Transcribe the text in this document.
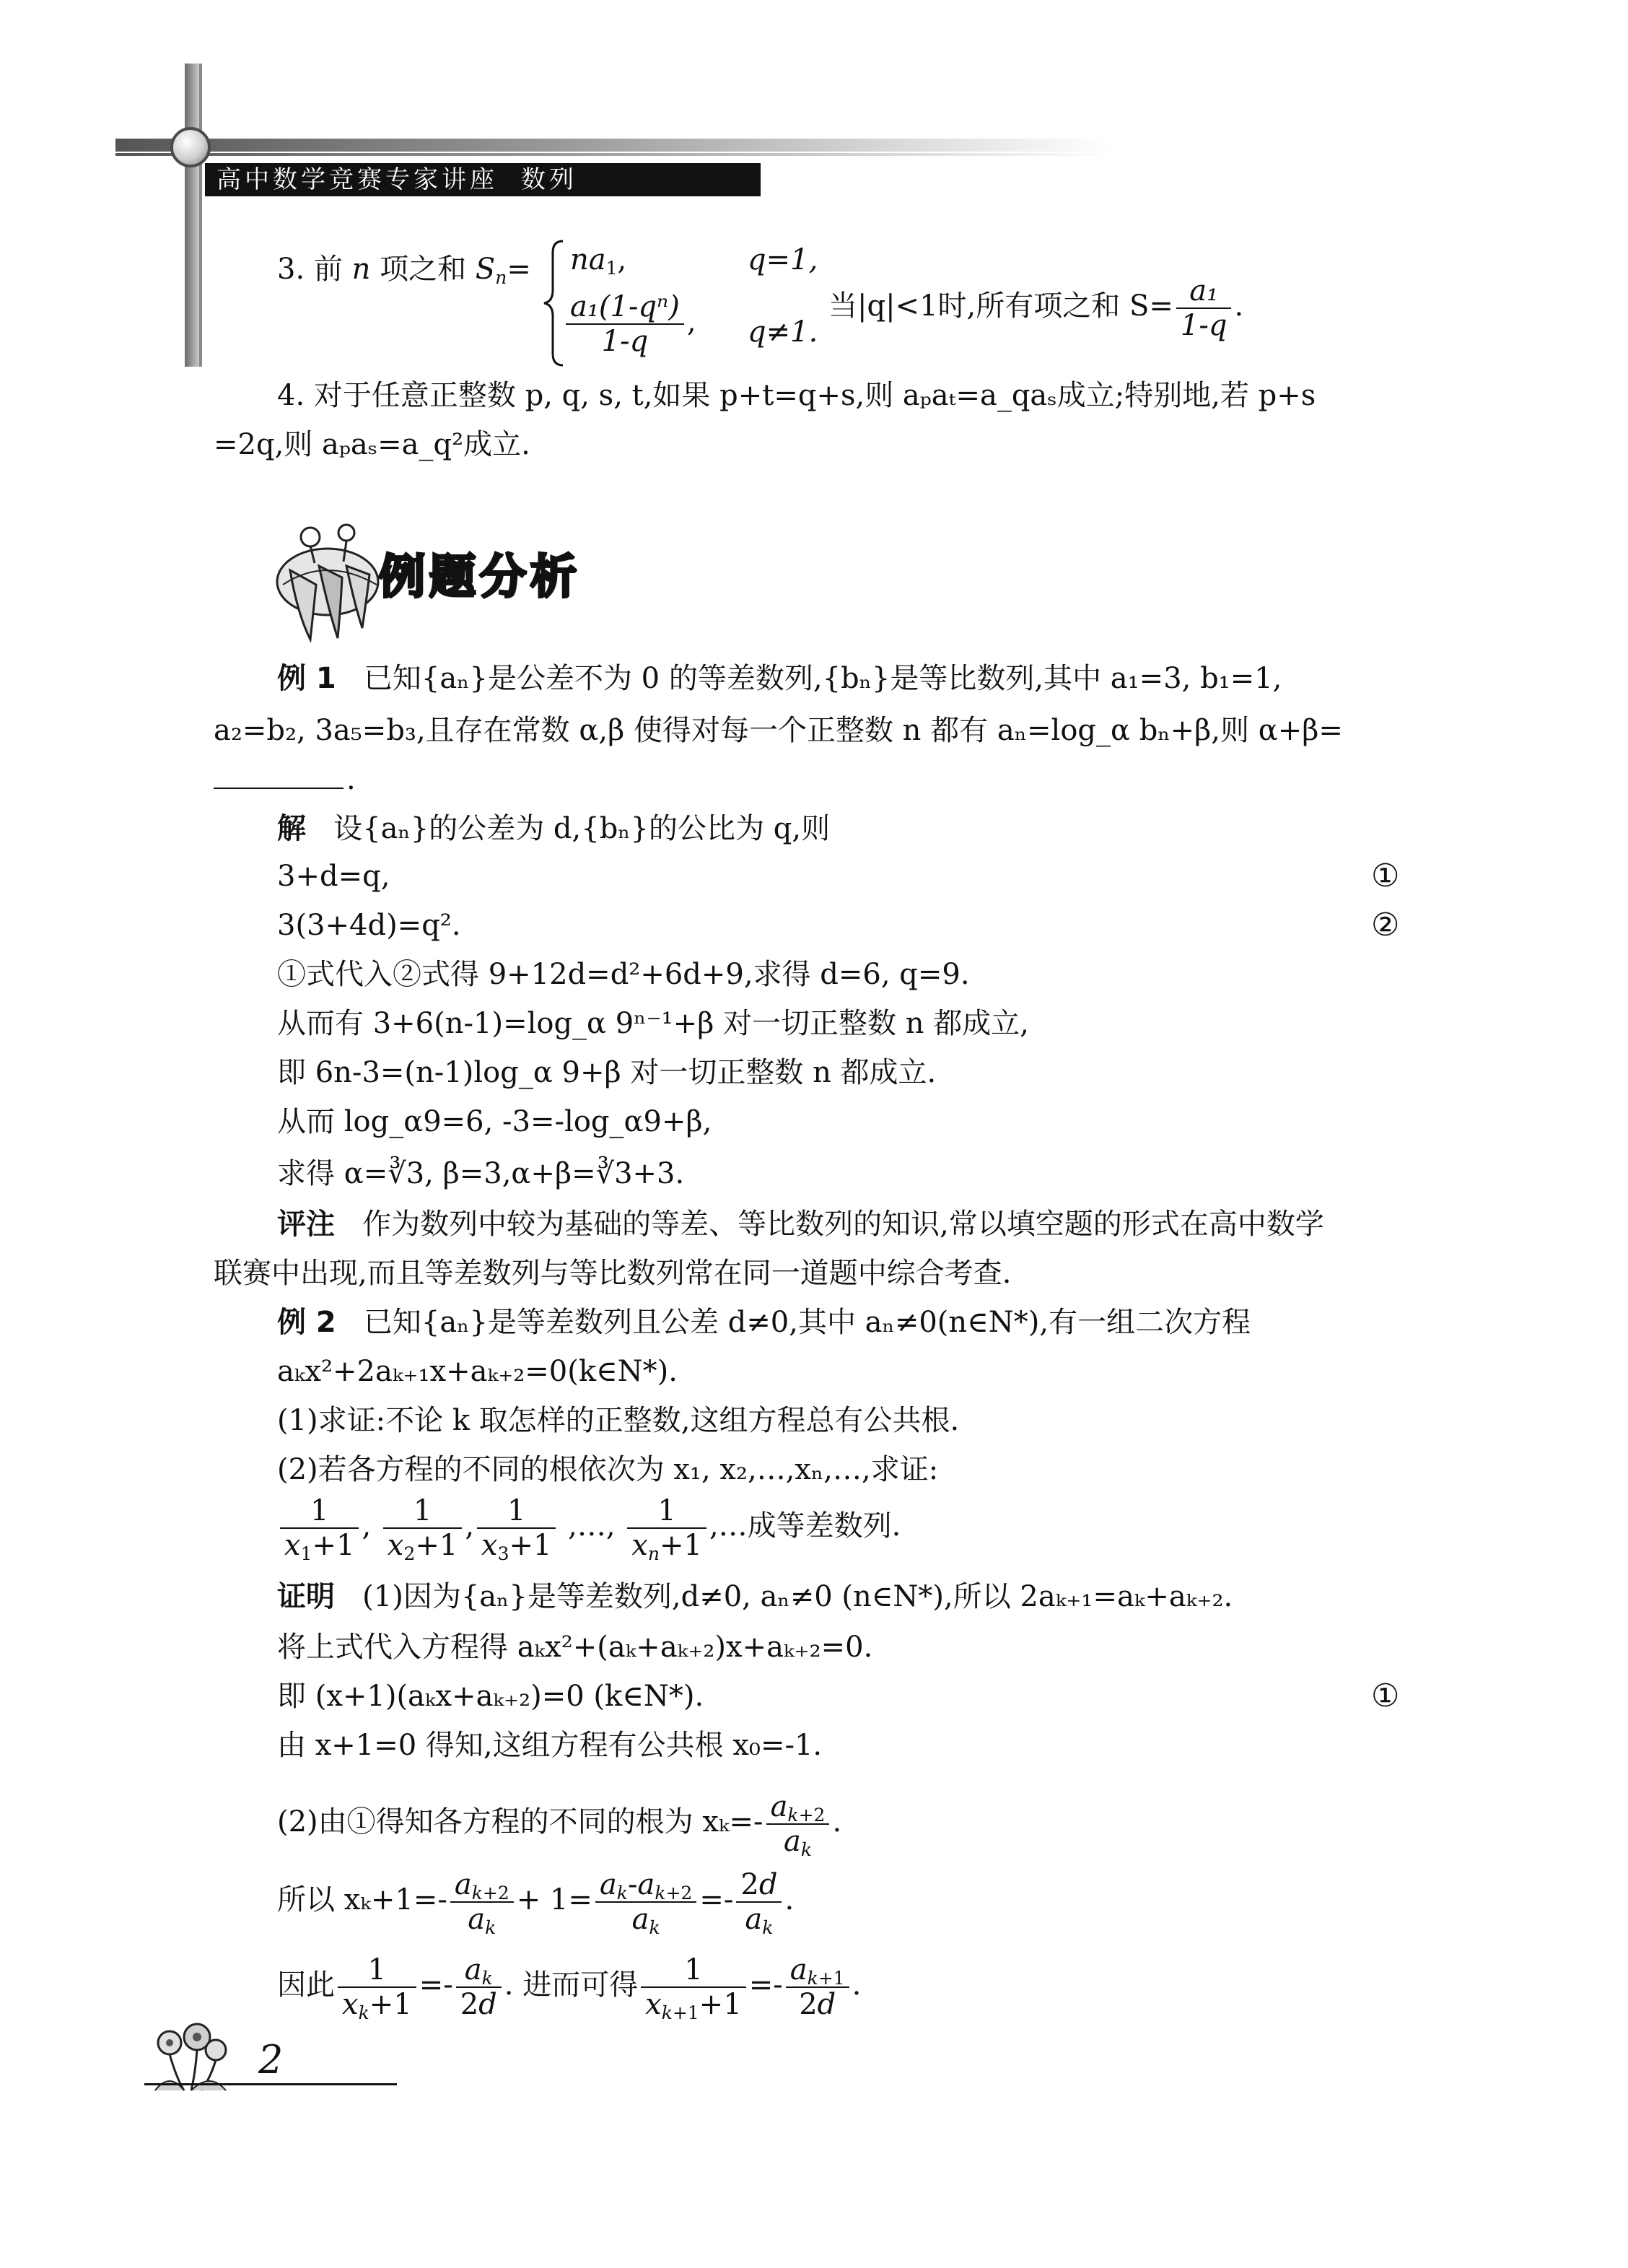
高中数学竞赛专家讲座 数列
3. 前 n 项之和 $S_n= na_1$,	q=1,
$\frac{\text{a₁(1-qⁿ)}}{1-q}$ , q≠1.
当|q|<1时,所有项之和 $S= \frac{\text{a₁}}{1-q}$ .
4. 对于任意正整数 p, q, s, t,如果 p+t=q+s,则 aₚaₜ=a_qaₛ成立;特别地,若 p+s
=2q,则 aₚaₛ=a_q²成立.
例题分析
例 1 已知{aₙ}是公差不为 0 的等差数列,{bₙ}是等比数列,其中 a₁=3, b₁=1,
a₂=b₂, 3a₅=b₃,且存在常数 α,β 使得对每一个正整数 n 都有 aₙ=log_α bₙ+β,则 α+β=
.
解 设{aₙ}的公差为 d,{bₙ}的公比为 q,则
3+d=q,	①
3(3+4d)=q².	②
①式代入②式得 9+12d=d²+6d+9,求得 d=6, q=9.
从而有 3+6(n-1)=log_α 9ⁿ⁻¹+β 对一切正整数 n 都成立,
即 6n-3=(n-1)log_α 9+β 对一切正整数 n 都成立.
从而 log_α9=6, -3=-log_α9+β,
求得 α=∛3, β=3,α+β=∛3+3.
评注 作为数列中较为基础的等差、等比数列的知识,常以填空题的形式在高中数学
联赛中出现,而且等差数列与等比数列常在同一道题中综合考查.
例 2 已知{aₙ}是等差数列且公差 d≠0,其中 aₙ≠0(n∈N*),有一组二次方程
aₖx²+2aₖ₊₁x+aₖ₊₂=0(k∈N*).
(1)求证:不论 k 取怎样的正整数,这组方程总有公共根.
(2)若各方程的不同的根依次为 x₁, x₂,…,xₙ,…,求证:
$\frac{1}{x_1+1}$ , $\frac{1}{x_2+1}$ , $\frac{1}{x_3+1}$ ,…, $\frac{1}{x_n+1}$ ,…成等差数列.
证明 (1)因为{aₙ}是等差数列,d≠0, aₙ≠0 (n∈N*),所以 2aₖ₊₁=aₖ+aₖ₊₂.
将上式代入方程得 aₖx²+(aₖ+aₖ₊₂)x+aₖ₊₂=0.
即 (x+1)(aₖx+aₖ₊₂)=0 (k∈N*).	①
由 x+1=0 得知,这组方程有公共根 x₀=-1.
(2)由①得知各方程的不同的根为 $x_k=- \frac{a_{k+2}}{a_k}$ .
所以 $x_k+1=- \frac{a_{k+2}}{a_k} + 1= \frac{a_k-a_{k+2}}{a_k} =- \frac{2d}{a_k}$ .
因此 $\frac{1}{x_k+1} =- \frac{a_k}{2d}$ . 进而可得 $\frac{1}{x_{k+1}+1} =- \frac{a_{k+1}}{2d}$ .
2
